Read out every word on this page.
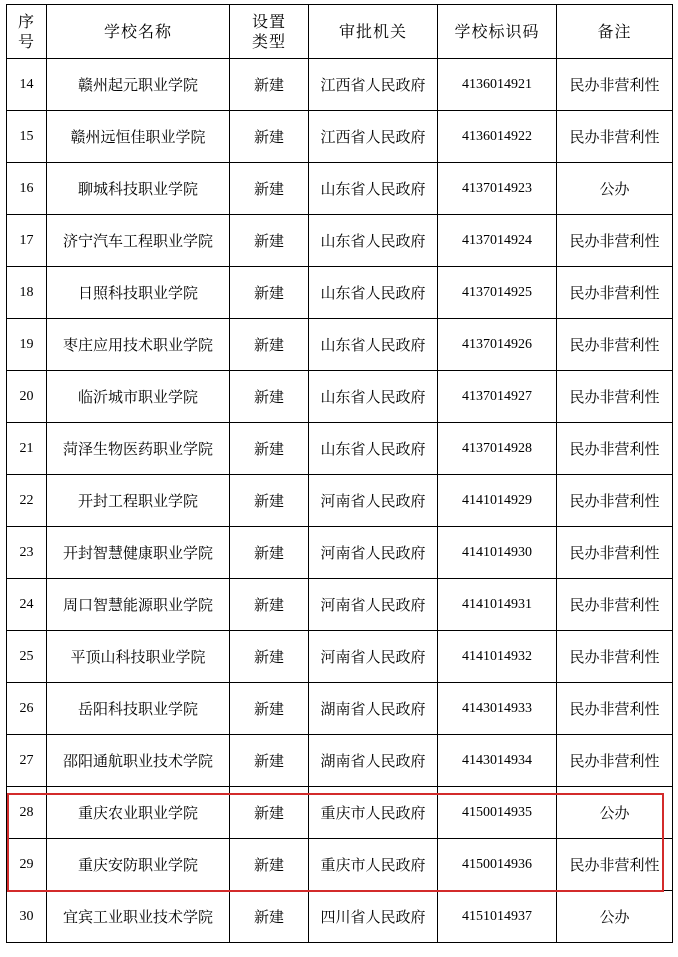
序号	学校名称	设置类型	审批机关	学校标识码	备注
14	赣州起元职业学院	新建	江西省人民政府	4136014921	民办非营利性
15	赣州远恒佳职业学院	新建	江西省人民政府	4136014922	民办非营利性
16	聊城科技职业学院	新建	山东省人民政府	4137014923	公办
17	济宁汽车工程职业学院	新建	山东省人民政府	4137014924	民办非营利性
18	日照科技职业学院	新建	山东省人民政府	4137014925	民办非营利性
19	枣庄应用技术职业学院	新建	山东省人民政府	4137014926	民办非营利性
20	临沂城市职业学院	新建	山东省人民政府	4137014927	民办非营利性
21	菏泽生物医药职业学院	新建	山东省人民政府	4137014928	民办非营利性
22	开封工程职业学院	新建	河南省人民政府	4141014929	民办非营利性
23	开封智慧健康职业学院	新建	河南省人民政府	4141014930	民办非营利性
24	周口智慧能源职业学院	新建	河南省人民政府	4141014931	民办非营利性
25	平顶山科技职业学院	新建	河南省人民政府	4141014932	民办非营利性
26	岳阳科技职业学院	新建	湖南省人民政府	4143014933	民办非营利性
27	邵阳通航职业技术学院	新建	湖南省人民政府	4143014934	民办非营利性
28	重庆农业职业学院	新建	重庆市人民政府	4150014935	公办
29	重庆安防职业学院	新建	重庆市人民政府	4150014936	民办非营利性
30	宜宾工业职业技术学院	新建	四川省人民政府	4151014937	公办
